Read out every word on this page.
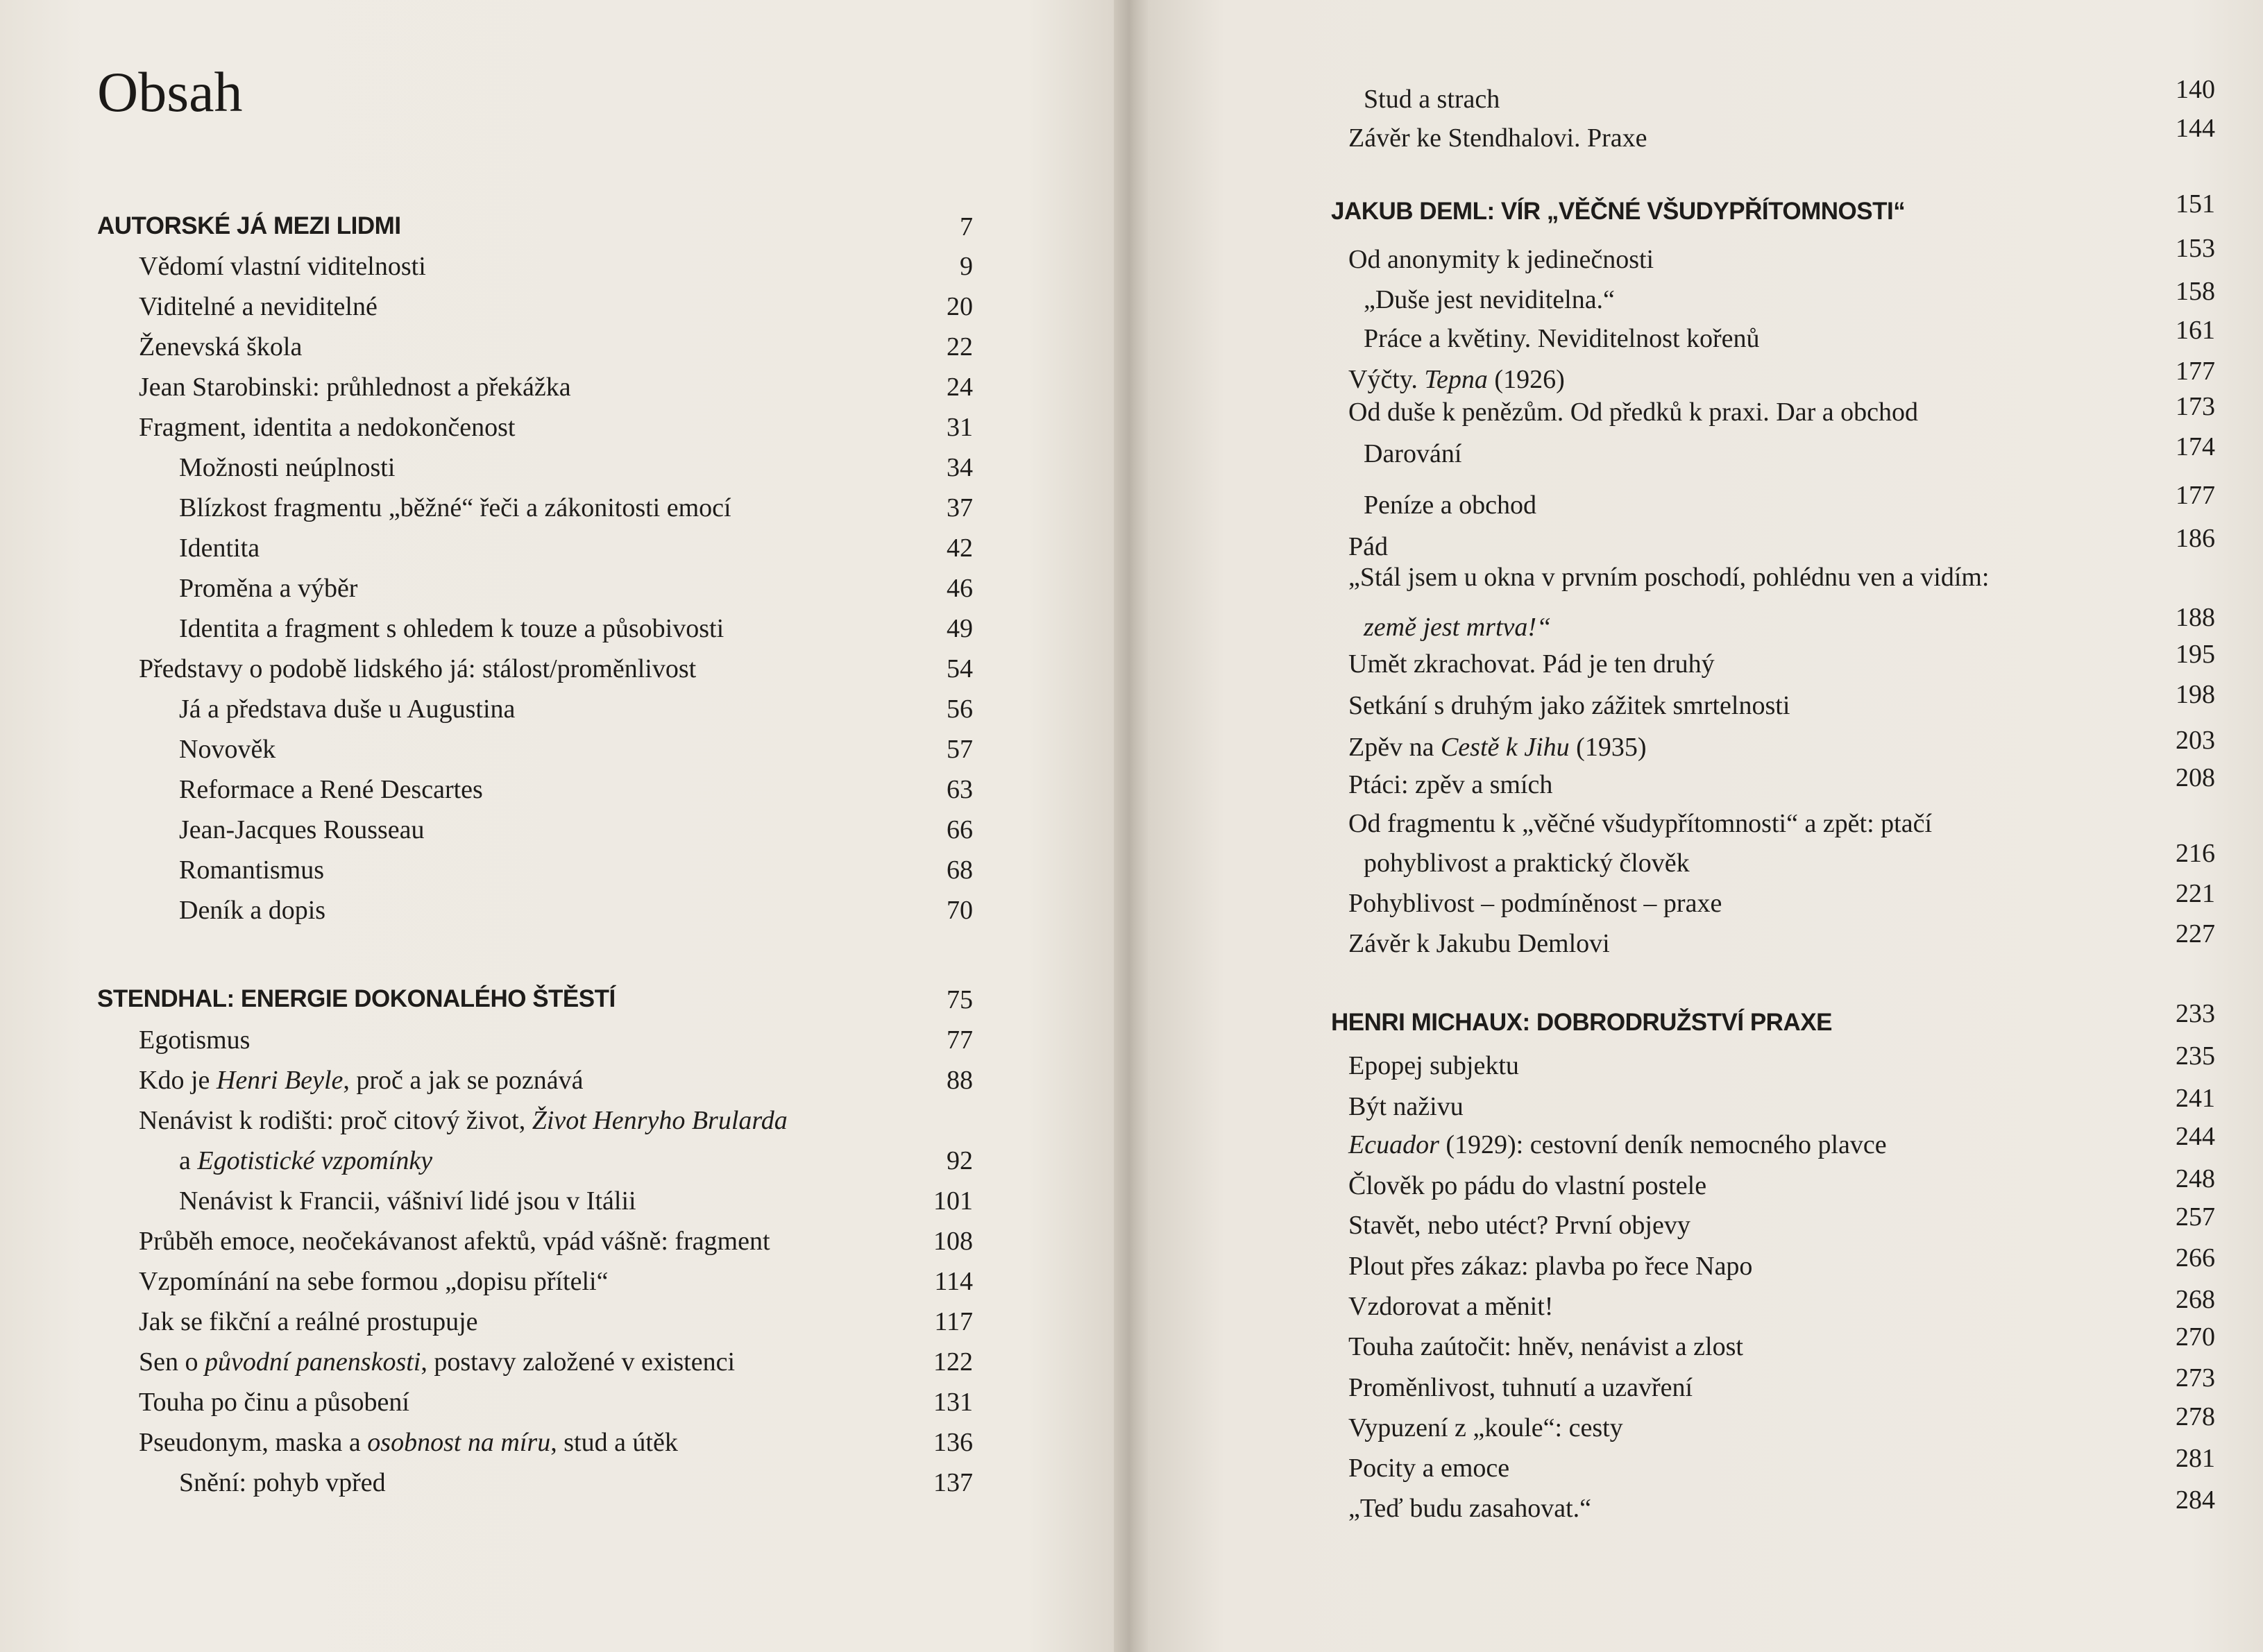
Obsah
AUTORSKÉ JÁ MEZI LIDMI	7
Vědomí vlastní viditelnosti	9
Viditelné a neviditelné	20
Ženevská škola	22
Jean Starobinski: průhlednost a překážka	24
Fragment, identita a nedokončenost	31
Možnosti neúplnosti	34
Blízkost fragmentu „běžné“ řeči a zákonitosti emocí	37
Identita	42
Proměna a výběr	46
Identita a fragment s ohledem k touze a působivosti	49
Představy o podobě lidského já: stálost/proměnlivost	54
Já a představa duše u Augustina	56
Novověk	57
Reformace a René Descartes	63
Jean-Jacques Rousseau	66
Romantismus	68
Deník a dopis	70
STENDHAL: ENERGIE DOKONALÉHO ŠTĚSTÍ	75
Egotismus	77
Kdo je Henri Beyle, proč a jak se poznává	88
Nenávist k rodišti: proč citový život, Život Henryho Brularda
a Egotistické vzpomínky	92
Nenávist k Francii, vášniví lidé jsou v Itálii	101
Průběh emoce, neočekávanost afektů, vpád vášně: fragment	108
Vzpomínání na sebe formou „dopisu příteli“	114
Jak se fikční a reálné prostupuje	117
Sen o původní panenskosti, postavy založené v existenci	122
Touha po činu a působení	131
Pseudonym, maska a osobnost na míru, stud a útěk	136
Snění: pohyb vpřed	137
Stud a strach	140
Závěr ke Stendhalovi. Praxe	144
JAKUB DEML: VÍR „VĚČNÉ VŠUDYPŘÍTOMNOSTI“	151
Od anonymity k jedinečnosti	153
„Duše jest neviditelna.“	158
Práce a květiny. Neviditelnost kořenů	161
Výčty. Tepna (1926)	177
Od duše k penězům. Od předků k praxi. Dar a obchod	173
Darování	174
Peníze a obchod	177
Pád	186
„Stál jsem u okna v prvním poschodí, pohlédnu ven a vidím:
země jest mrtva!“	188
Umět zkrachovat. Pád je ten druhý	195
Setkání s druhým jako zážitek smrtelnosti	198
Zpěv na Cestě k Jihu (1935)	203
Ptáci: zpěv a smích	208
Od fragmentu k „věčné všudypřítomnosti“ a zpět: ptačí
pohyblivost a praktický člověk	216
Pohyblivost – podmíněnost – praxe	221
Závěr k Jakubu Demlovi	227
HENRI MICHAUX: DOBRODRUŽSTVÍ PRAXE	233
Epopej subjektu	235
Být naživu	241
Ecuador (1929): cestovní deník nemocného plavce	244
Člověk po pádu do vlastní postele	248
Stavět, nebo utéct? První objevy	257
Plout přes zákaz: plavba po řece Napo	266
Vzdorovat a měnit!	268
Touha zaútočit: hněv, nenávist a zlost	270
Proměnlivost, tuhnutí a uzavření	273
Vypuzení z „koule“: cesty	278
Pocity a emoce	281
„Teď budu zasahovat.“	284
